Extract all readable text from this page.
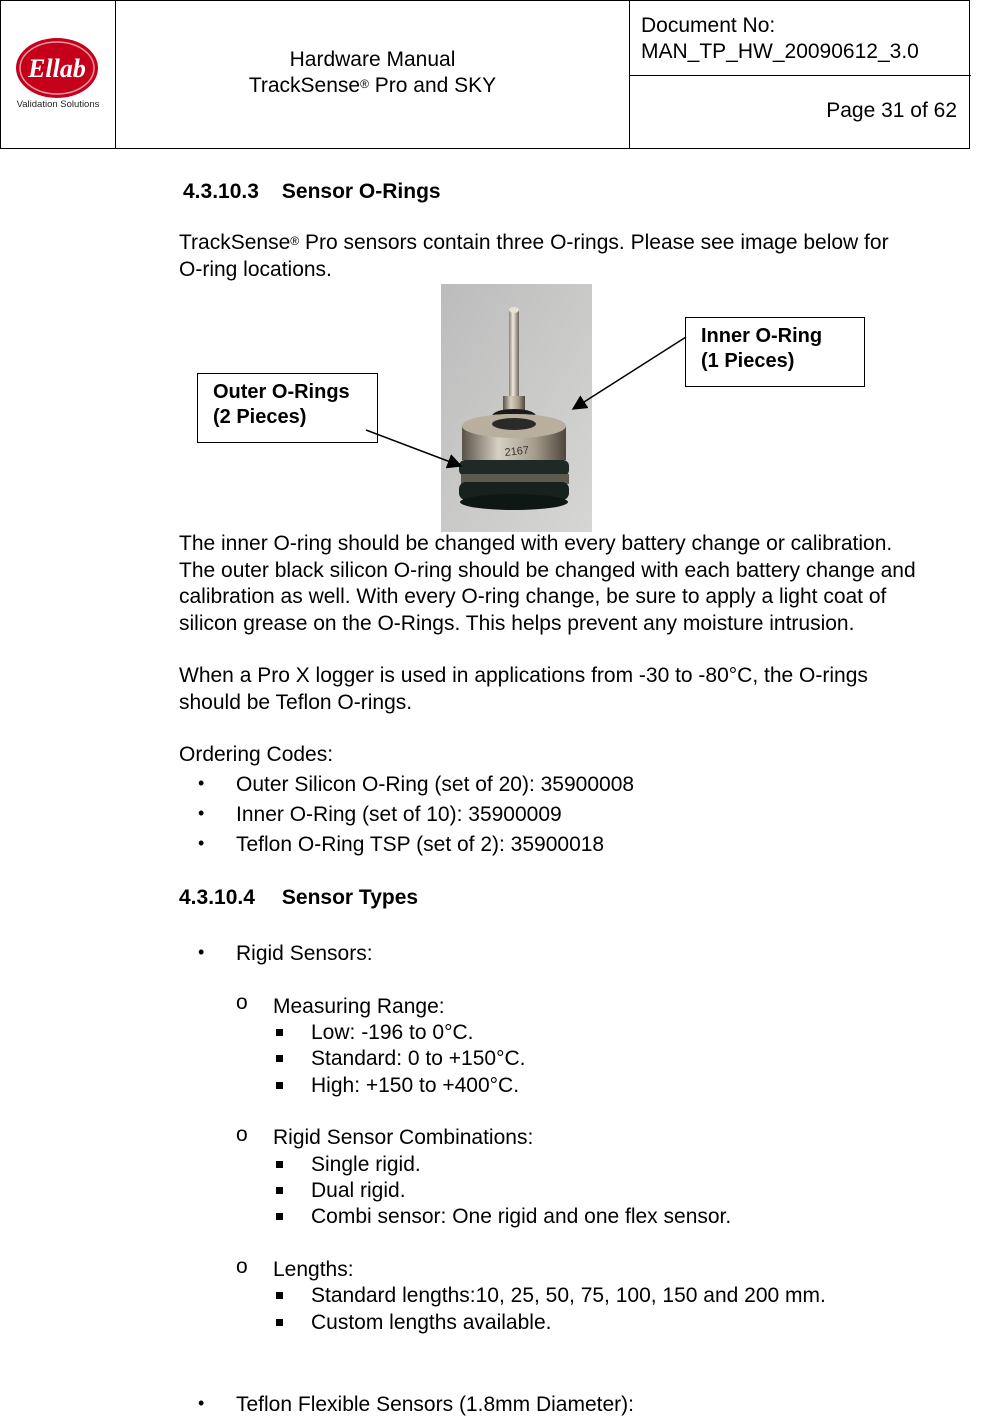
Ellab
Validation Solutions
Hardware Manual
TrackSense® Pro and SKY
Document No:
MAN_TP_HW_20090612_3.0
Page 31 of 62
4.3.10.3 Sensor O-Rings
TrackSense® Pro sensors contain three O-rings. Please see image below for
O-ring locations.
2167
Inner O-Ring
(1 Pieces)
Outer O-Rings
(2 Pieces)
The inner O-ring should be changed with every battery change or calibration.
The outer black silicon O-ring should be changed with each battery change and
calibration as well. With every O-ring change, be sure to apply a light coat of
silicon grease on the O-Rings. This helps prevent any moisture intrusion.
When a Pro X logger is used in applications from -30 to -80°C, the O-rings
should be Teflon O-rings.
Ordering Codes:
• Outer Silicon O-Ring (set of 20): 35900008
• Inner O-Ring (set of 10): 35900009
• Teflon O-Ring TSP (set of 2): 35900018
4.3.10.4 Sensor Types
• Rigid Sensors:
o Measuring Range:
Low: -196 to 0°C.
Standard: 0 to +150°C.
High: +150 to +400°C.
o Rigid Sensor Combinations:
Single rigid.
Dual rigid.
Combi sensor: One rigid and one flex sensor.
o Lengths:
Standard lengths:10, 25, 50, 75, 100, 150 and 200 mm.
Custom lengths available.
• Teflon Flexible Sensors (1.8mm Diameter):
